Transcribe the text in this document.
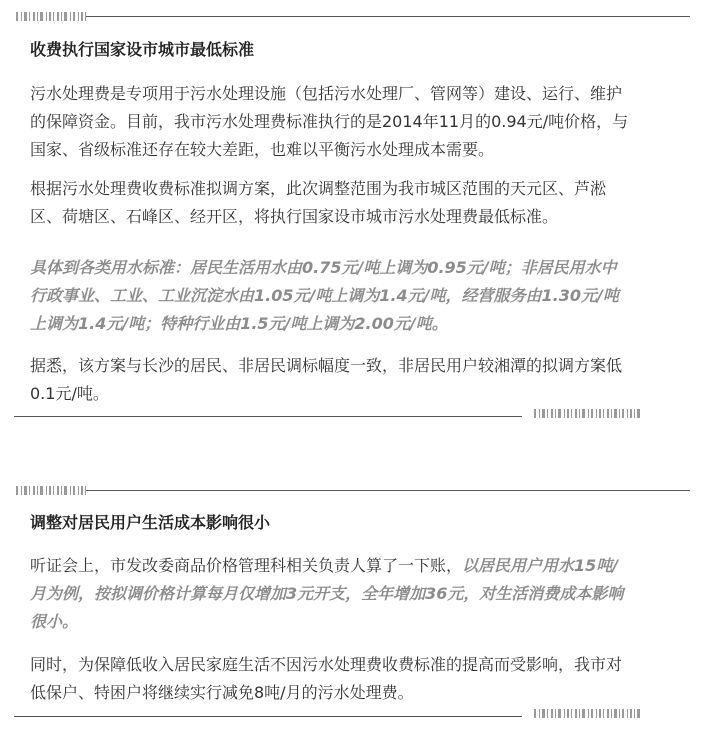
收费执行国家设市城市最低标准

污水处理费是专项用于污水处理设施（包括污水处理厂、管网等）建设、运行、维护
的保障资金。目前，我市污水处理费标准执行的是2014年11月的0.94元/吨价格，与
国家、省级标准还存在较大差距，也难以平衡污水处理成本需要。

根据污水处理费收费标准拟调方案，此次调整范围为我市城区范围的天元区、芦淞
区、荷塘区、石峰区、经开区，将执行国家设市城市污水处理费最低标准。

具体到各类用水标准：居民生活用水由0.75元/吨上调为0.95元/吨；非居民用水中
行政事业、工业、工业沉淀水由1.05元/吨上调为1.4元/吨，经营服务由1.30元/吨
上调为1.4元/吨；特种行业由1.5元/吨上调为2.00元/吨。

据悉，该方案与长沙的居民、非居民调标幅度一致，非居民用户较湘潭的拟调方案低
0.1元/吨。

调整对居民用户生活成本影响很小

听证会上，市发改委商品价格管理科相关负责人算了一下账，以居民用户用水15吨/
月为例，按拟调价格计算每月仅增加3元开支，全年增加36元，对生活消费成本影响
很小。

同时，为保障低收入居民家庭生活不因污水处理费收费标准的提高而受影响，我市对
低保户、特困户将继续实行减免8吨/月的污水处理费。
